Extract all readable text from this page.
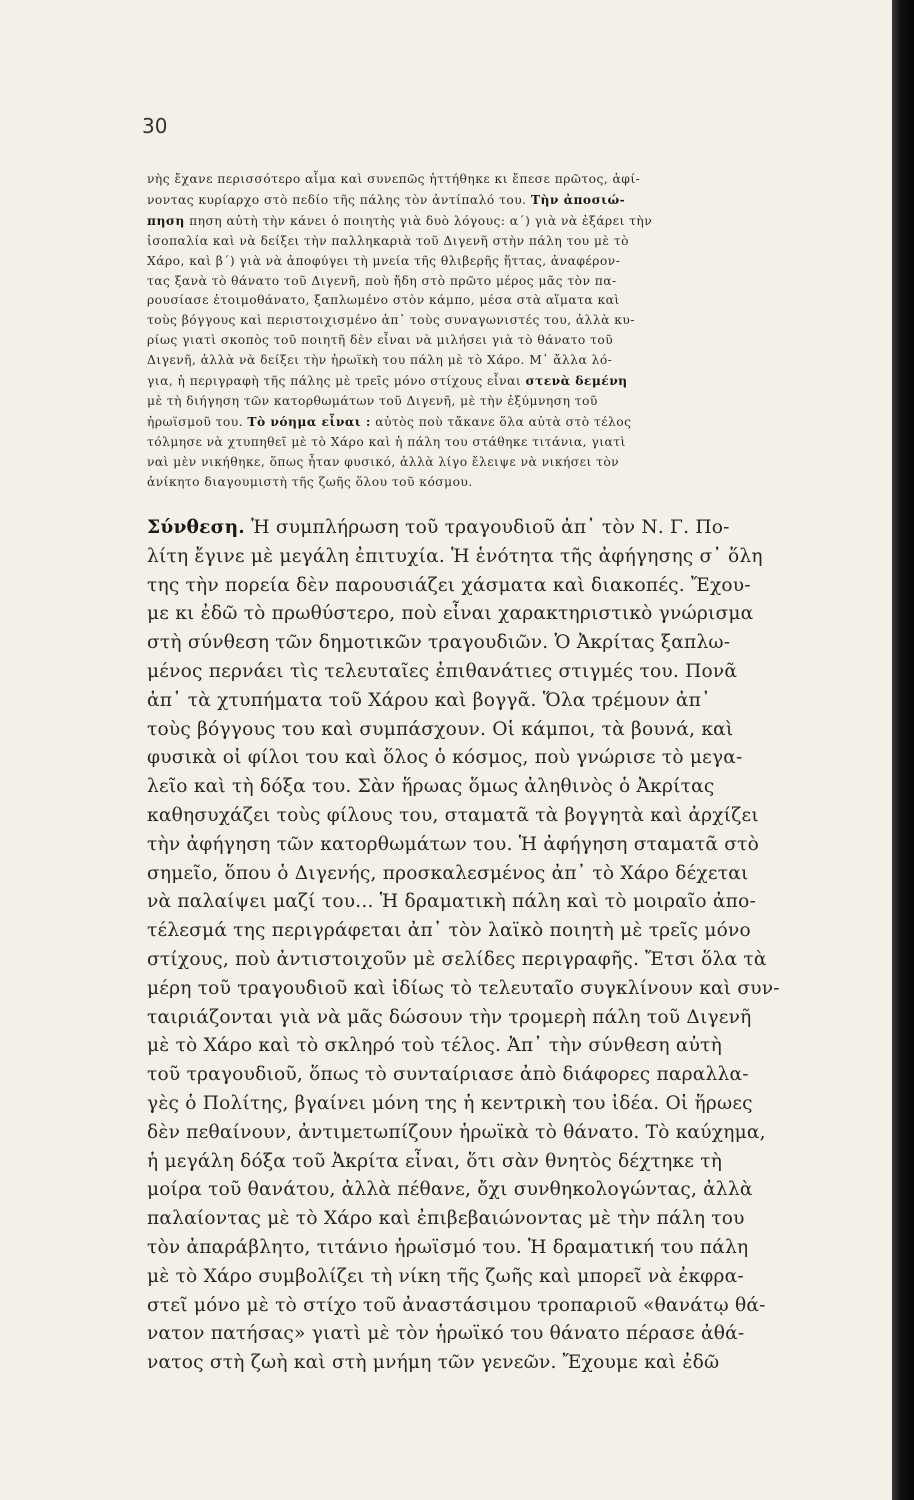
30
νὴς ἔχανε περισσότερο αἷμα καὶ συνεπῶς ἡττήθηκε κι ἔπεσε πρῶτος, ἀφί-
νοντας κυρίαρχο στὸ πεδίο τῆς πάλης τὸν ἀντίπαλό του. Τὴν ἀποσιώ-
πηση πηση αὐτὴ τὴν κάνει ὁ ποιητὴς γιὰ δυὸ λόγους: α΄) γιὰ νὰ ἐξάρει τὴν
ἰσοπαλία καὶ νὰ δείξει τὴν παλληκαριὰ τοῦ Διγενῆ στὴν πάλη του μὲ τὸ
Χάρο, καὶ β΄) γιὰ νὰ ἀποφύγει τὴ μνεία τῆς θλιβερῆς ἥττας, ἀναφέρον-
τας ξανὰ τὸ θάνατο τοῦ Διγενῆ, ποὺ ἤδη στὸ πρῶτο μέρος μᾶς τὸν πα-
ρουσίασε ἑτοιμοθάνατο, ξαπλωμένο στὸν κάμπο, μέσα στὰ αἵματα καὶ
τοὺς βόγγους καὶ περιστοιχισμένο ἀπ᾽ τοὺς συναγωνιστές του, ἀλλὰ κυ-
ρίως γιατὶ σκοπὸς τοῦ ποιητῆ δὲν εἶναι νὰ μιλήσει γιὰ τὸ θάνατο τοῦ
Διγενῆ, ἀλλὰ νὰ δείξει τὴν ἡρωϊκὴ του πάλη μὲ τὸ Χάρο. Μ᾽ ἄλλα λό-
για, ἡ περιγραφὴ τῆς πάλης μὲ τρεῖς μόνο στίχους εἶναι στενὰ δεμένη
μὲ τὴ διήγηση τῶν κατορθωμάτων τοῦ Διγενῆ, μὲ τὴν ἐξύμνηση τοῦ
ἡρωϊσμοῦ του. Τὸ νόημα εἶναι : αὐτὸς ποὺ τἄκανε ὅλα αὐτὰ στὸ τέλος
τόλμησε νὰ χτυπηθεῖ μὲ τὸ Χάρο καὶ ἡ πάλη του στάθηκε τιτάνια, γιατὶ
ναὶ μὲν νικήθηκε, ὅπως ἦταν φυσικό, ἀλλὰ λίγο ἔλειψε νὰ νικήσει τὸν
ἀνίκητο διαγουμιστὴ τῆς ζωῆς ὅλου τοῦ κόσμου.
Σύνθεση. Ἡ συμπλήρωση τοῦ τραγουδιοῦ ἀπ᾽ τὸν Ν. Γ. Πο-
λίτη ἔγινε μὲ μεγάλη ἐπιτυχία. Ἡ ἑνότητα τῆς ἀφήγησης σ᾽ ὅλη
της τὴν πορεία δὲν παρουσιάζει χάσματα καὶ διακοπές. Ἔχου-
με κι ἐδῶ τὸ πρωθύστερο, ποὺ εἶναι χαρακτηριστικὸ γνώρισμα
στὴ σύνθεση τῶν δημοτικῶν τραγουδιῶν. Ὁ Ἀκρίτας ξαπλω-
μένος περνάει τὶς τελευταῖες ἐπιθανάτιες στιγμές του. Πονᾶ
ἀπ᾽ τὰ χτυπήματα τοῦ Χάρου καὶ βογγᾶ. Ὅλα τρέμουν ἀπ᾽
τοὺς βόγγους του καὶ συμπάσχουν. Οἱ κάμποι, τὰ βουνά, καὶ
φυσικὰ οἱ φίλοι του καὶ ὅλος ὁ κόσμος, ποὺ γνώρισε τὸ μεγα-
λεῖο καὶ τὴ δόξα του. Σὰν ἥρωας ὅμως ἀληθινὸς ὁ Ἀκρίτας
καθησυχάζει τοὺς φίλους του, σταματᾶ τὰ βογγητὰ καὶ ἀρχίζει
τὴν ἀφήγηση τῶν κατορθωμάτων του. Ἡ ἀφήγηση σταματᾶ στὸ
σημεῖο, ὅπου ὁ Διγενής, προσκαλεσμένος ἀπ᾽ τὸ Χάρο δέχεται
νὰ παλαίψει μαζί του... Ἡ δραματικὴ πάλη καὶ τὸ μοιραῖο ἀπο-
τέλεσμά της περιγράφεται ἀπ᾽ τὸν λαϊκὸ ποιητὴ μὲ τρεῖς μόνο
στίχους, ποὺ ἀντιστοιχοῦν μὲ σελίδες περιγραφῆς. Ἔτσι ὅλα τὰ
μέρη τοῦ τραγουδιοῦ καὶ ἰδίως τὸ τελευταῖο συγκλίνουν καὶ συν-
ταιριάζονται γιὰ νὰ μᾶς δώσουν τὴν τρομερὴ πάλη τοῦ Διγενῆ
μὲ τὸ Χάρο καὶ τὸ σκληρό τοὺ τέλος. Ἀπ᾽ τὴν σύνθεση αὐτὴ
τοῦ τραγουδιοῦ, ὅπως τὸ συνταίριασε ἀπὸ διάφορες παραλλα-
γὲς ὁ Πολίτης, βγαίνει μόνη της ἡ κεντρικὴ του ἰδέα. Οἱ ἥρωες
δὲν πεθαίνουν, ἀντιμετωπίζουν ἡρωϊκὰ τὸ θάνατο. Τὸ καύχημα,
ἡ μεγάλη δόξα τοῦ Ἀκρίτα εἶναι, ὅτι σὰν θνητὸς δέχτηκε τὴ
μοίρα τοῦ θανάτου, ἀλλὰ πέθανε, ὄχι συνθηκολογώντας, ἀλλὰ
παλαίοντας μὲ τὸ Χάρο καὶ ἐπιβεβαιώνοντας μὲ τὴν πάλη του
τὸν ἀπαράβλητο, τιτάνιο ἡρωϊσμό του. Ἡ δραματική του πάλη
μὲ τὸ Χάρο συμβολίζει τὴ νίκη τῆς ζωῆς καὶ μπορεῖ νὰ ἐκφρα-
στεῖ μόνο μὲ τὸ στίχο τοῦ ἀναστάσιμου τροπαριοῦ «θανάτῳ θά-
νατον πατήσας» γιατὶ μὲ τὸν ἡρωϊκό του θάνατο πέρασε ἀθά-
νατος στὴ ζωὴ καὶ στὴ μνήμη τῶν γενεῶν. Ἔχουμε καὶ ἐδῶ
